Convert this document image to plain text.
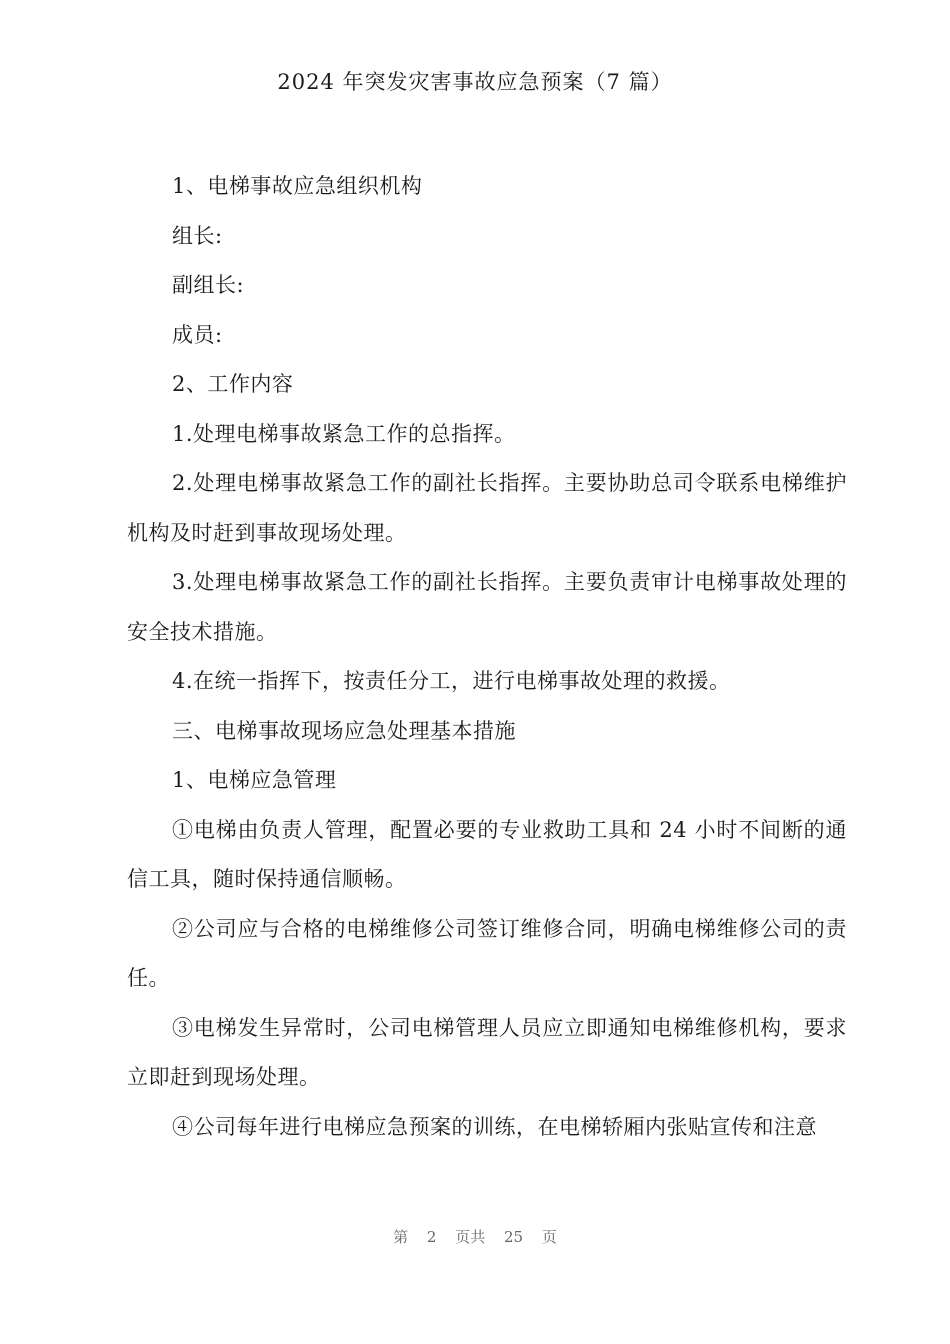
2024 年突发灾害事故应急预案（7 篇）

1、电梯事故应急组织机构

组长:

副组长:

成员:

2、工作内容

1.处理电梯事故紧急工作的总指挥。

2.处理电梯事故紧急工作的副社长指挥。主要协助总司令联系电梯维护机构及时赶到事故现场处理。

3.处理电梯事故紧急工作的副社长指挥。主要负责审计电梯事故处理的安全技术措施。

4.在统一指挥下，按责任分工，进行电梯事故处理的救援。

三、电梯事故现场应急处理基本措施

1、电梯应急管理

①电梯由负责人管理，配置必要的专业救助工具和 24 小时不间断的通信工具，随时保持通信顺畅。

②公司应与合格的电梯维修公司签订维修合同，明确电梯维修公司的责任。

③电梯发生异常时，公司电梯管理人员应立即通知电梯维修机构，要求立即赶到现场处理。

④公司每年进行电梯应急预案的训练，在电梯轿厢内张贴宣传和注意

第 2 页共 25 页
